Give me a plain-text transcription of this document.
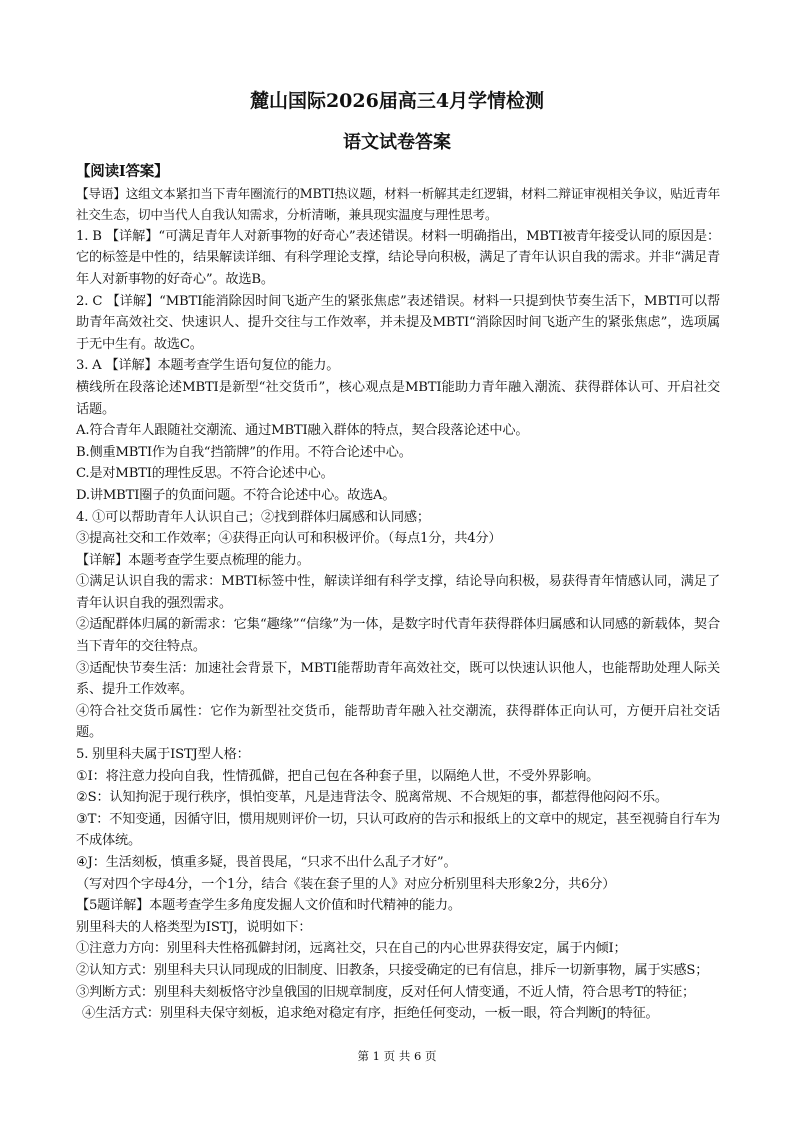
麓山国际2026届高三4月学情检测
语文试卷答案

【阅读Ⅰ答案】

【导语】这组文本紧扣当下青年圈流行的MBTI热议题，材料一析解其走红逻辑，材料二辩证审视相关争议，贴近青年社交生态，切中当代人自我认知需求，分析清晰，兼具现实温度与理性思考。

1. B 【详解】“可满足青年人对新事物的好奇心”表述错误。材料一明确指出，MBTI被青年接受认同的原因是：它的标签是中性的，结果解读详细、有科学理论支撑，结论导向积极，满足了青年认识自我的需求。并非“满足青年人对新事物的好奇心”。故选B。

2. C 【详解】“MBTI能消除因时间飞逝产生的紧张焦虑”表述错误。材料一只提到快节奏生活下，MBTI可以帮助青年高效社交、快速识人、提升交往与工作效率，并未提及MBTI“消除因时间飞逝产生的紧张焦虑”，选项属于无中生有。故选C。

3. A 【详解】本题考查学生语句复位的能力。

横线所在段落论述MBTI是新型“社交货币”，核心观点是MBTI能助力青年融入潮流、获得群体认可、开启社交话题。

A.符合青年人跟随社交潮流、通过MBTI融入群体的特点，契合段落论述中心。

B.侧重MBTI作为自我“挡箭牌”的作用。不符合论述中心。

C.是对MBTI的理性反思。不符合论述中心。

D.讲MBTI圈子的负面问题。不符合论述中心。故选A。

4. ①可以帮助青年人认识自己；②找到群体归属感和认同感；

③提高社交和工作效率；④获得正向认可和积极评价。（每点1分，共4分）

【详解】本题考查学生要点梳理的能力。

①满足认识自我的需求：MBTI标签中性，解读详细有科学支撑，结论导向积极，易获得青年情感认同，满足了青年认识自我的强烈需求。

②适配群体归属的新需求：它集“趣缘”“信缘”为一体，是数字时代青年获得群体归属感和认同感的新载体，契合当下青年的交往特点。

③适配快节奏生活：加速社会背景下，MBTI能帮助青年高效社交，既可以快速认识他人，也能帮助处理人际关系、提升工作效率。

④符合社交货币属性：它作为新型社交货币，能帮助青年融入社交潮流，获得群体正向认可，方便开启社交话题。

5. 别里科夫属于ISTJ型人格：

①I：将注意力投向自我，性情孤僻，把自己包在各种套子里，以隔绝人世，不受外界影响。

②S：认知拘泥于现行秩序，惧怕变革，凡是违背法令、脱离常规、不合规矩的事，都惹得他闷闷不乐。

③T：不知变通，因循守旧，惯用规则评价一切，只认可政府的告示和报纸上的文章中的规定，甚至视骑自行车为不成体统。

④J：生活刻板，慎重多疑，畏首畏尾，“只求不出什么乱子才好”。

（写对四个字母4分，一个1分，结合《装在套子里的人》对应分析别里科夫形象2分，共6分）

【5题详解】本题考查学生多角度发掘人文价值和时代精神的能力。

别里科夫的人格类型为ISTJ，说明如下：

①注意力方向：别里科夫性格孤僻封闭，远离社交，只在自己的内心世界获得安定，属于内倾I；

②认知方式：别里科夫只认同现成的旧制度、旧教条，只接受确定的已有信息，排斥一切新事物，属于实感S；

③判断方式：别里科夫刻板恪守沙皇俄国的旧规章制度，反对任何人情变通，不近人情，符合思考T的特征；

④生活方式：别里科夫保守刻板，追求绝对稳定有序，拒绝任何变动，一板一眼，符合判断J的特征。

第 1 页 共 6 页
